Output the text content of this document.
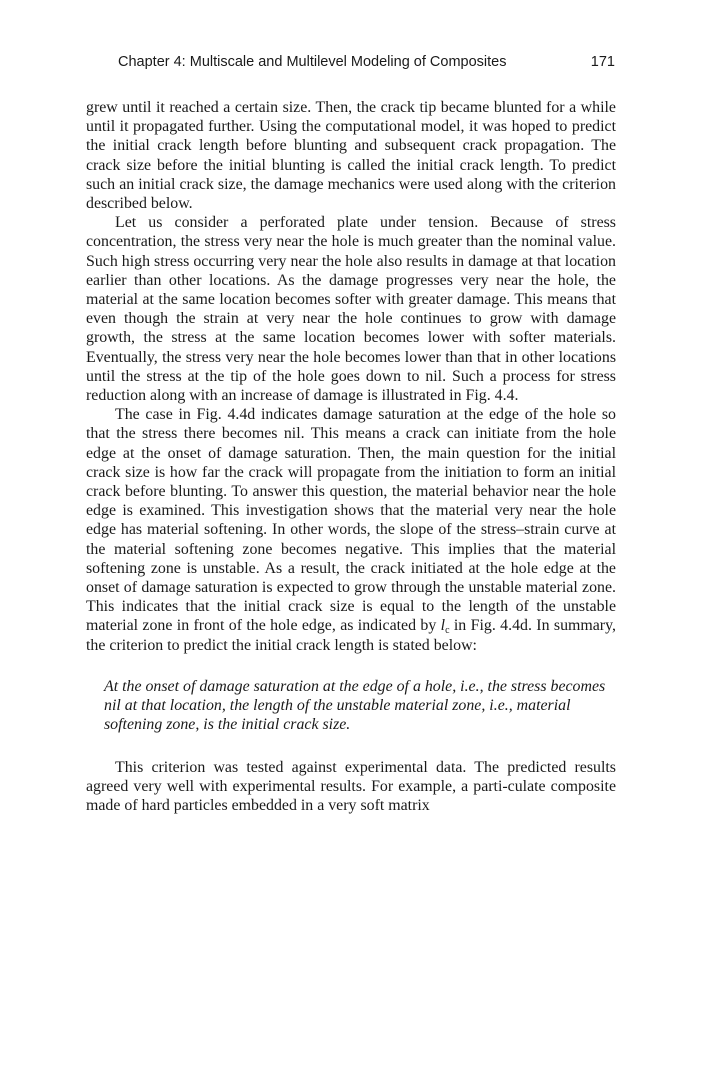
Chapter 4: Multiscale and Multilevel Modeling of Composites	171

grew until it reached a certain size. Then, the crack tip became blunted for a while until it propagated further. Using the computational model, it was hoped to predict the initial crack length before blunting and subsequent crack propagation. The crack size before the initial blunting is called the initial crack length. To predict such an initial crack size, the damage mechanics were used along with the criterion described below.

Let us consider a perforated plate under tension. Because of stress concentration, the stress very near the hole is much greater than the nominal value. Such high stress occurring very near the hole also results in damage at that location earlier than other locations. As the damage progresses very near the hole, the material at the same location becomes softer with greater damage. This means that even though the strain at very near the hole continues to grow with damage growth, the stress at the same location becomes lower with softer materials. Eventually, the stress very near the hole becomes lower than that in other locations until the stress at the tip of the hole goes down to nil. Such a process for stress reduction along with an increase of damage is illustrated in Fig. 4.4.

The case in Fig. 4.4d indicates damage saturation at the edge of the hole so that the stress there becomes nil. This means a crack can initiate from the hole edge at the onset of damage saturation. Then, the main question for the initial crack size is how far the crack will propagate from the initiation to form an initial crack before blunting. To answer this question, the material behavior near the hole edge is examined. This investigation shows that the material very near the hole edge has material softening. In other words, the slope of the stress–strain curve at the material softening zone becomes negative. This implies that the material softening zone is unstable. As a result, the crack initiated at the hole edge at the onset of damage saturation is expected to grow through the unstable material zone. This indicates that the initial crack size is equal to the length of the unstable material zone in front of the hole edge, as indicated by $l_c$ in Fig. 4.4d. In summary, the criterion to predict the initial crack length is stated below:

At the onset of damage saturation at the edge of a hole, i.e., the stress becomes nil at that location, the length of the unstable material zone, i.e., material softening zone, is the initial crack size.

This criterion was tested against experimental data. The predicted results agreed very well with experimental results. For example, a parti-culate composite made of hard particles embedded in a very soft matrix
